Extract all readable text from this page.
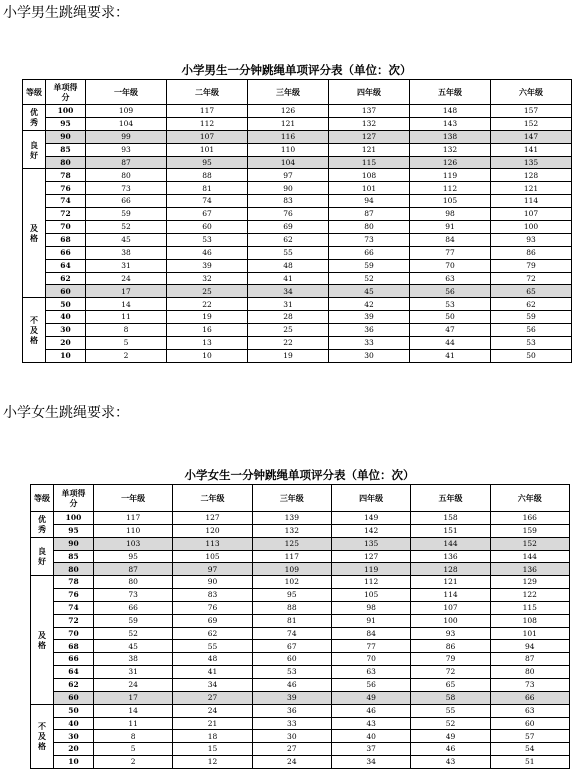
小学男生跳绳要求：
小学男生一分钟跳绳单项评分表（单位：次）
等级	单项得分	一年级	二年级	三年级	四年级	五年级	六年级
优秀	100	109	117	126	137	148	157
	95	104	112	121	132	143	152
良好	90	99	107	116	127	138	147
	85	93	101	110	121	132	141
	80	87	95	104	115	126	135
及格	78	80	88	97	108	119	128
	76	73	81	90	101	112	121
	74	66	74	83	94	105	114
	72	59	67	76	87	98	107
	70	52	60	69	80	91	100
	68	45	53	62	73	84	93
	66	38	46	55	66	77	86
	64	31	39	48	59	70	79
	62	24	32	41	52	63	72
	60	17	25	34	45	56	65
不及格	50	14	22	31	42	53	62
	40	11	19	28	39	50	59
	30	8	16	25	36	47	56
	20	5	13	22	33	44	53
	10	2	10	19	30	41	50
小学女生跳绳要求：
小学女生一分钟跳绳单项评分表（单位：次）
等级	单项得分	一年级	二年级	三年级	四年级	五年级	六年级
优秀	100	117	127	139	149	158	166
	95	110	120	132	142	151	159
良好	90	103	113	125	135	144	152
	85	95	105	117	127	136	144
	80	87	97	109	119	128	136
及格	78	80	90	102	112	121	129
	76	73	83	95	105	114	122
	74	66	76	88	98	107	115
	72	59	69	81	91	100	108
	70	52	62	74	84	93	101
	68	45	55	67	77	86	94
	66	38	48	60	70	79	87
	64	31	41	53	63	72	80
	62	24	34	46	56	65	73
	60	17	27	39	49	58	66
不及格	50	14	24	36	46	55	63
	40	11	21	33	43	52	60
	30	8	18	30	40	49	57
	20	5	15	27	37	46	54
	10	2	12	24	34	43	51
